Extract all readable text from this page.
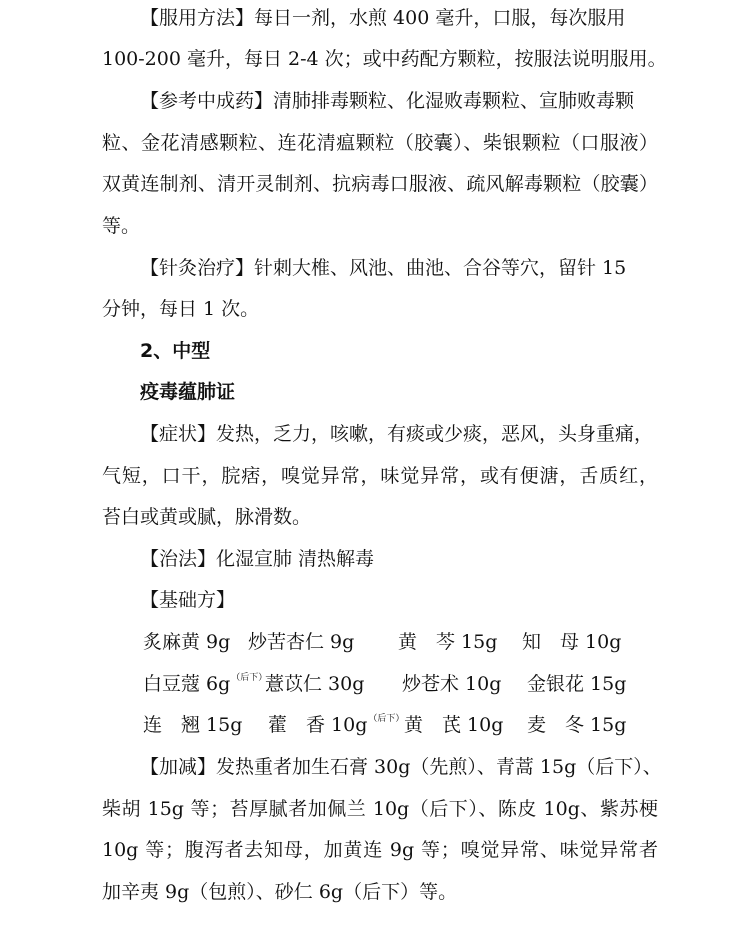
【服用方法】每日一剂，水煎 400 毫升，口服，每次服用
100-200 毫升，每日 2-4 次；或中药配方颗粒，按服法说明服用。
【参考中成药】清肺排毒颗粒、化湿败毒颗粒、宣肺败毒颗
粒、金花清感颗粒、连花清瘟颗粒（胶囊）、柴银颗粒（口服液）
双黄连制剂、清开灵制剂、抗病毒口服液、疏风解毒颗粒（胶囊）
等。
【针灸治疗】针刺大椎、风池、曲池、合谷等穴，留针 15
分钟，每日 1 次。
2、中型
疫毒蕴肺证
【症状】发热，乏力，咳嗽，有痰或少痰，恶风，头身重痛，
气短，口干，脘痞，嗅觉异常，味觉异常，或有便溏，舌质红，
苔白或黄或腻，脉滑数。
【治法】化湿宣肺 清热解毒
【基础方】
炙麻黄 9g 炒苦杏仁 9g 黄　芩 15g 知　母 10g
白豆蔻 $6g^{(后下)}$
薏苡仁 30g 炒苍术 10g 金银花 15g
连　翘 15g 藿　香 $10g^{(后下)}$ 黄　芪 10g 麦　冬 15g
【加减】发热重者加生石膏 30g（先煎）、青蒿 15g（后下）、
柴胡 15g 等；苔厚腻者加佩兰 10g（后下）、陈皮 10g、紫苏梗
10g 等；腹泻者去知母，加黄连 9g 等；嗅觉异常、味觉异常者
加辛夷 9g（包煎）、砂仁 6g（后下）等。
